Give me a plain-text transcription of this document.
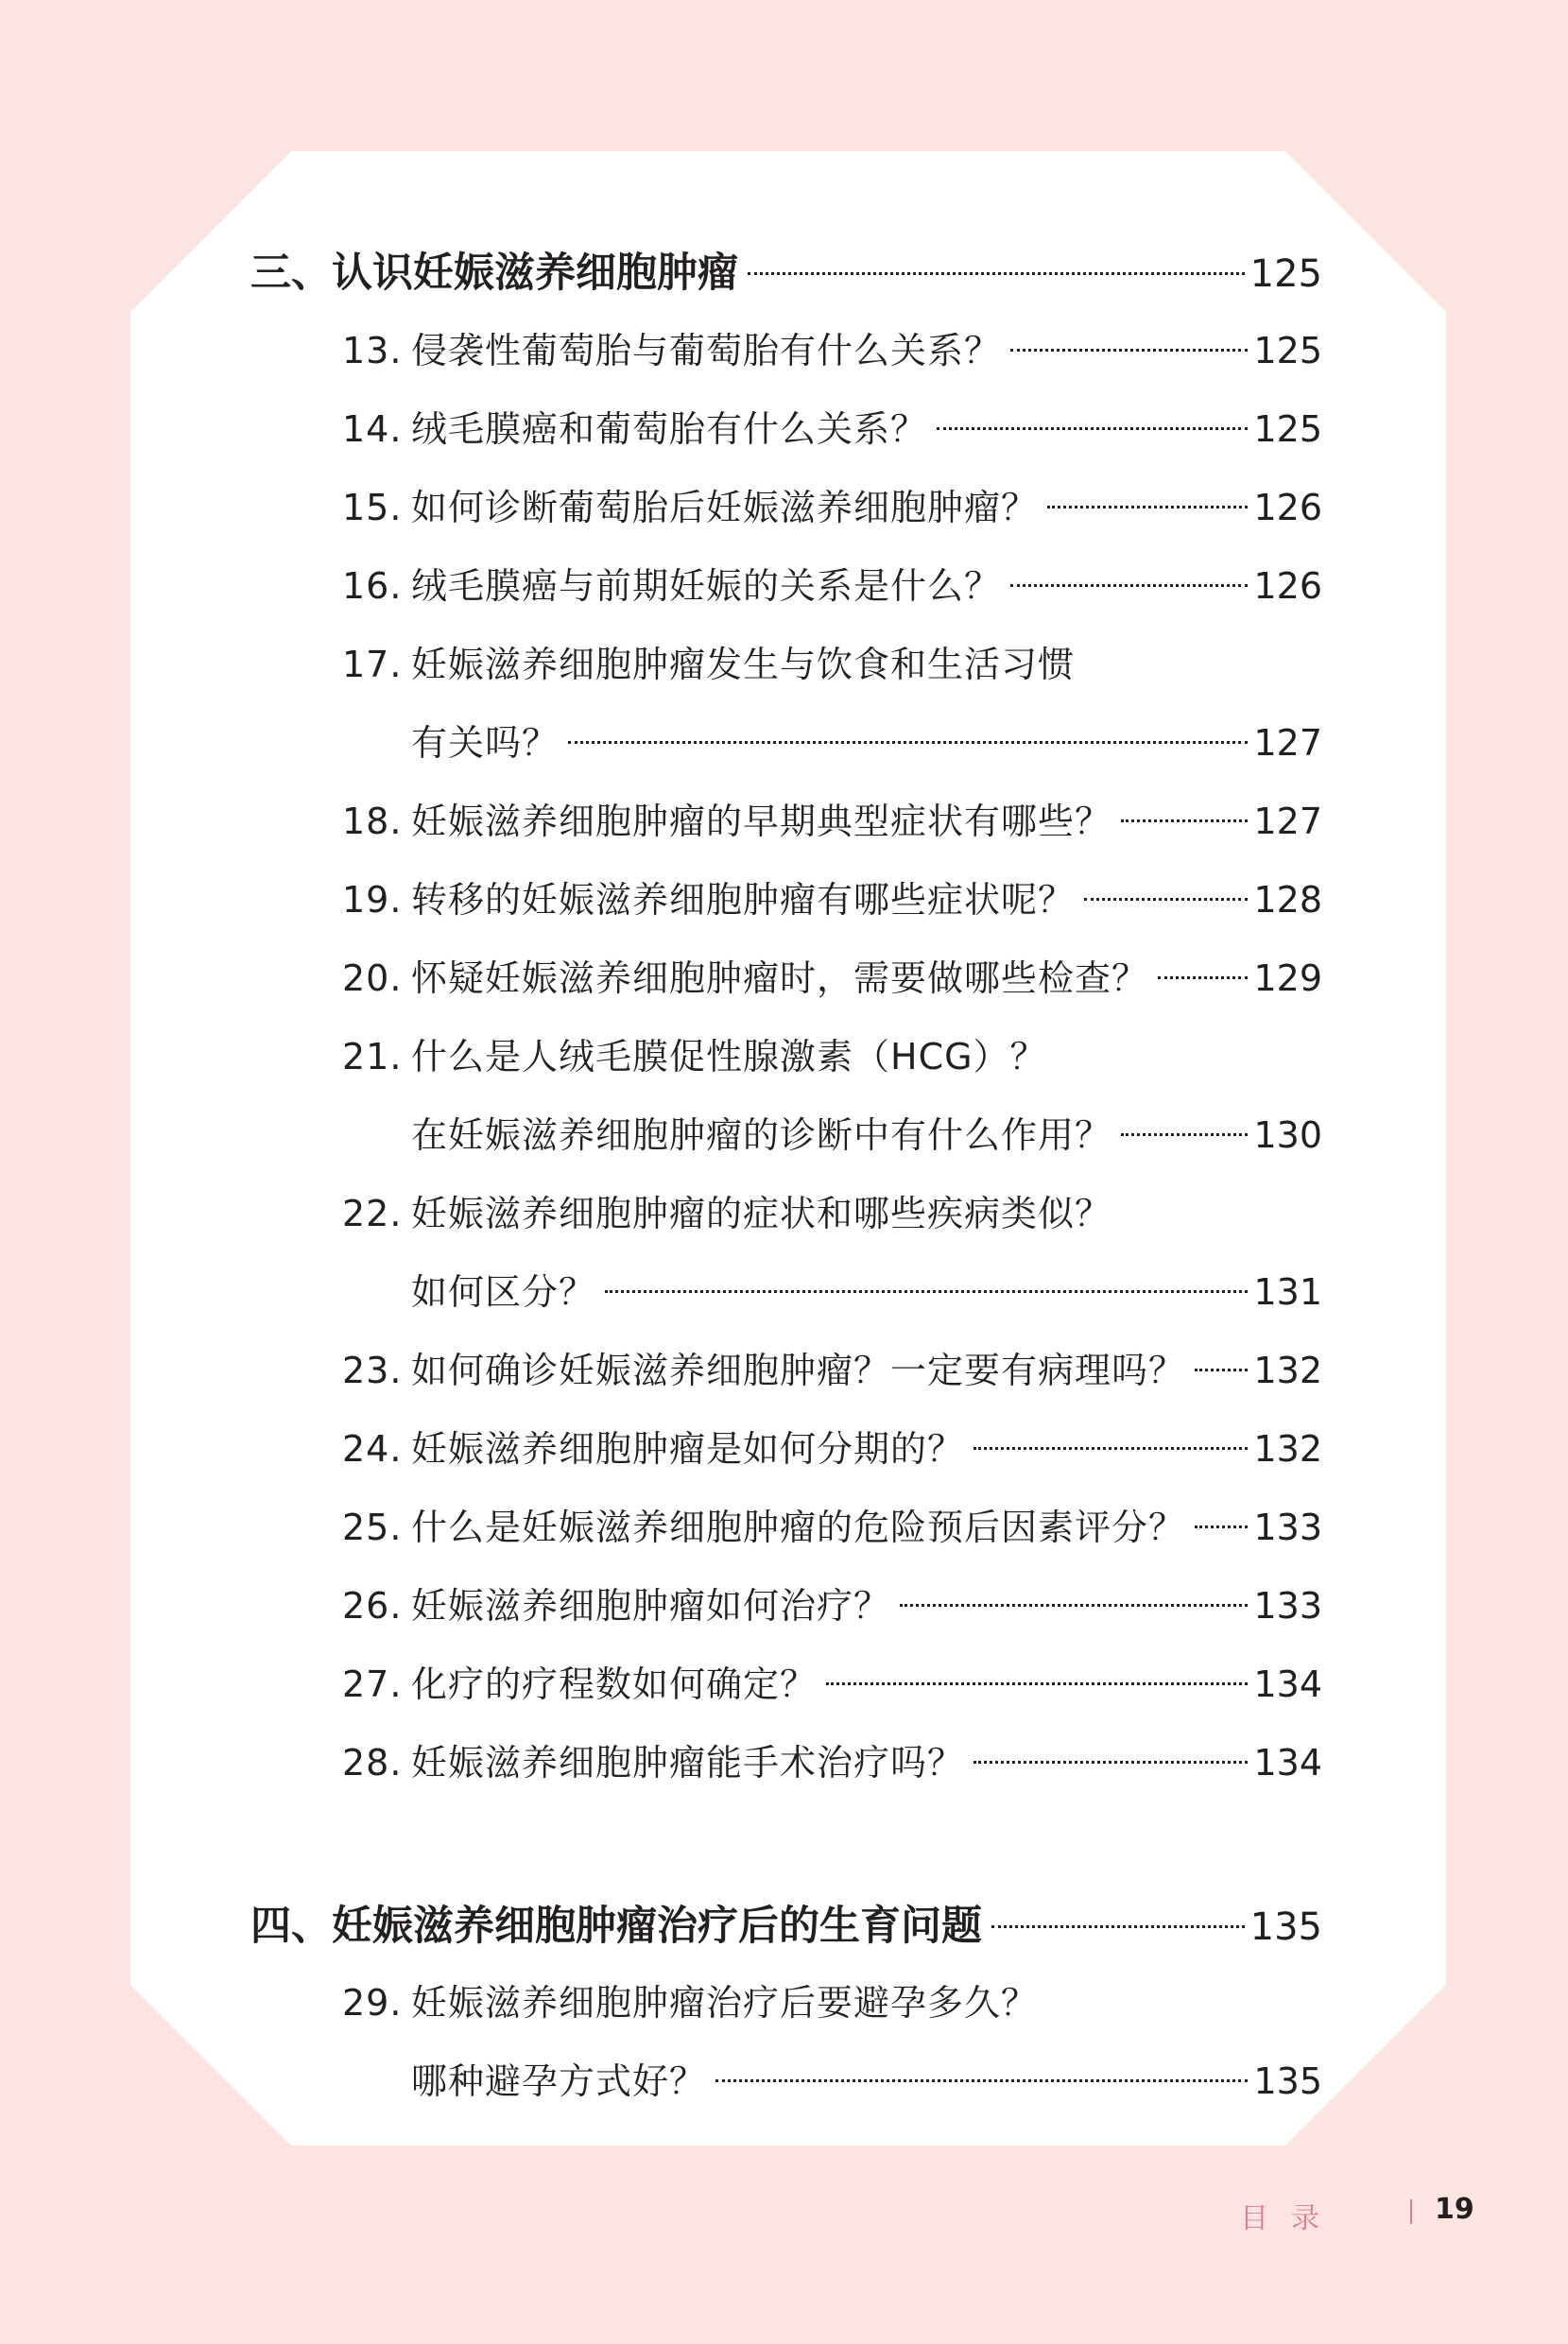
三、认识妊娠滋养细胞肿瘤	125
13. 侵袭性葡萄胎与葡萄胎有什么关系？	125
14. 绒毛膜癌和葡萄胎有什么关系？	125
15. 如何诊断葡萄胎后妊娠滋养细胞肿瘤？	126
16. 绒毛膜癌与前期妊娠的关系是什么？	126
17. 妊娠滋养细胞肿瘤发生与饮食和生活习惯
有关吗？	127
18. 妊娠滋养细胞肿瘤的早期典型症状有哪些？	127
19. 转移的妊娠滋养细胞肿瘤有哪些症状呢？	128
20. 怀疑妊娠滋养细胞肿瘤时，需要做哪些检查？	129
21. 什么是人绒毛膜促性腺激素（HCG）？
在妊娠滋养细胞肿瘤的诊断中有什么作用？	130
22. 妊娠滋养细胞肿瘤的症状和哪些疾病类似？
如何区分？	131
23. 如何确诊妊娠滋养细胞肿瘤？一定要有病理吗？ 132
24. 妊娠滋养细胞肿瘤是如何分期的？	132
25. 什么是妊娠滋养细胞肿瘤的危险预后因素评分？ 133
26. 妊娠滋养细胞肿瘤如何治疗？	133
27. 化疗的疗程数如何确定？	134
28. 妊娠滋养细胞肿瘤能手术治疗吗？	134
四、妊娠滋养细胞肿瘤治疗后的生育问题	135
29. 妊娠滋养细胞肿瘤治疗后要避孕多久？
哪种避孕方式好？	135
目录	19
